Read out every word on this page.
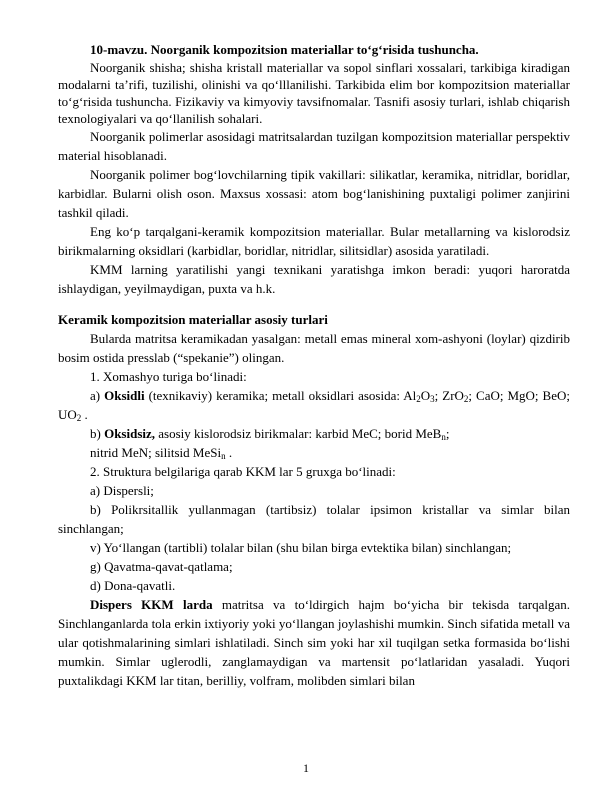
10-mavzu. Noorganik kompozitsion materiallar to‘g‘risida tushuncha.

Noorganik shisha; shisha kristall materiallar va sopol sinflari xossalari, tarkibiga kiradigan modalarni ta’rifi, tuzilishi, olinishi va qo‘lllanilishi. Tarkibida elim bor kompozitsion materiallar to‘g‘risida tushuncha. Fizikaviy va kimyoviy tavsifnomalar. Tasnifi asosiy turlari, ishlab chiqarish texnologiyalari va qo‘llanilish sohalari.

Noorganik polimerlar asosidagi matritsalardan tuzilgan kompozitsion materiallar perspektiv material hisoblanadi.

Noorganik polimer bog‘lovchilarning tipik vakillari: silikatlar, keramika, nitridlar, boridlar, karbidlar. Bularni olish oson. Maxsus xossasi: atom bog‘lanishining puxtaligi polimer zanjirini tashkil qiladi.

Eng ko‘p tarqalgani-keramik kompozitsion materiallar. Bular metallarning va kislorodsiz birikmalarning oksidlari (karbidlar, boridlar, nitridlar, silitsidlar) asosida yaratiladi.

KMM larning yaratilishi yangi texnikani yaratishga imkon beradi: yuqori haroratda ishlaydigan, yeyilmaydigan, puxta va h.k.

Keramik kompozitsion materiallar asosiy turlari

Bularda matritsa keramikadan yasalgan: metall emas mineral xom-ashyoni (loylar) qizdirib bosim ostida presslab (“spekanie”) olingan.

1. Xomashyo turiga bo‘linadi:

a) Oksidli (texnikaviy) keramika; metall oksidlari asosida: $Al_2O_3$; ZrO$_2$; CaO; MgO; BeO; $UO_2$ .

b) Oksidsiz, asosiy kislorodsiz birikmalar: karbid MeC; borid MeB$_n$;

nitrid MeN; silitsid MeSi$_n$ .

2. Struktura belgilariga qarab KKM lar 5 gruxga bo‘linadi:

a) Dispersli;

b) Polikrsitallik yullanmagan (tartibsiz) tolalar ipsimon kristallar va simlar bilan sinchlangan;

v) Yo‘llangan (tartibli) tolalar bilan (shu bilan birga evtektika bilan) sinchlangan;

g) Qavatma-qavat-qatlama;

d) Dona-qavatli.

Dispers KKM larda matritsa va to‘ldirgich hajm bo‘yicha bir tekisda tarqalgan. Sinchlanganlarda tola erkin ixtiyoriy yoki yo‘llangan joylashishi mumkin. Sinch sifatida metall va ular qotishmalarining simlari ishlatiladi. Sinch sim yoki har xil tuqilgan setka formasida bo‘lishi mumkin. Simlar uglerodli, zanglamaydigan va martensit po‘latlaridan yasaladi. Yuqori puxtalikdagi KKM lar titan, berilliy, volfram, molibden simlari bilan

1
